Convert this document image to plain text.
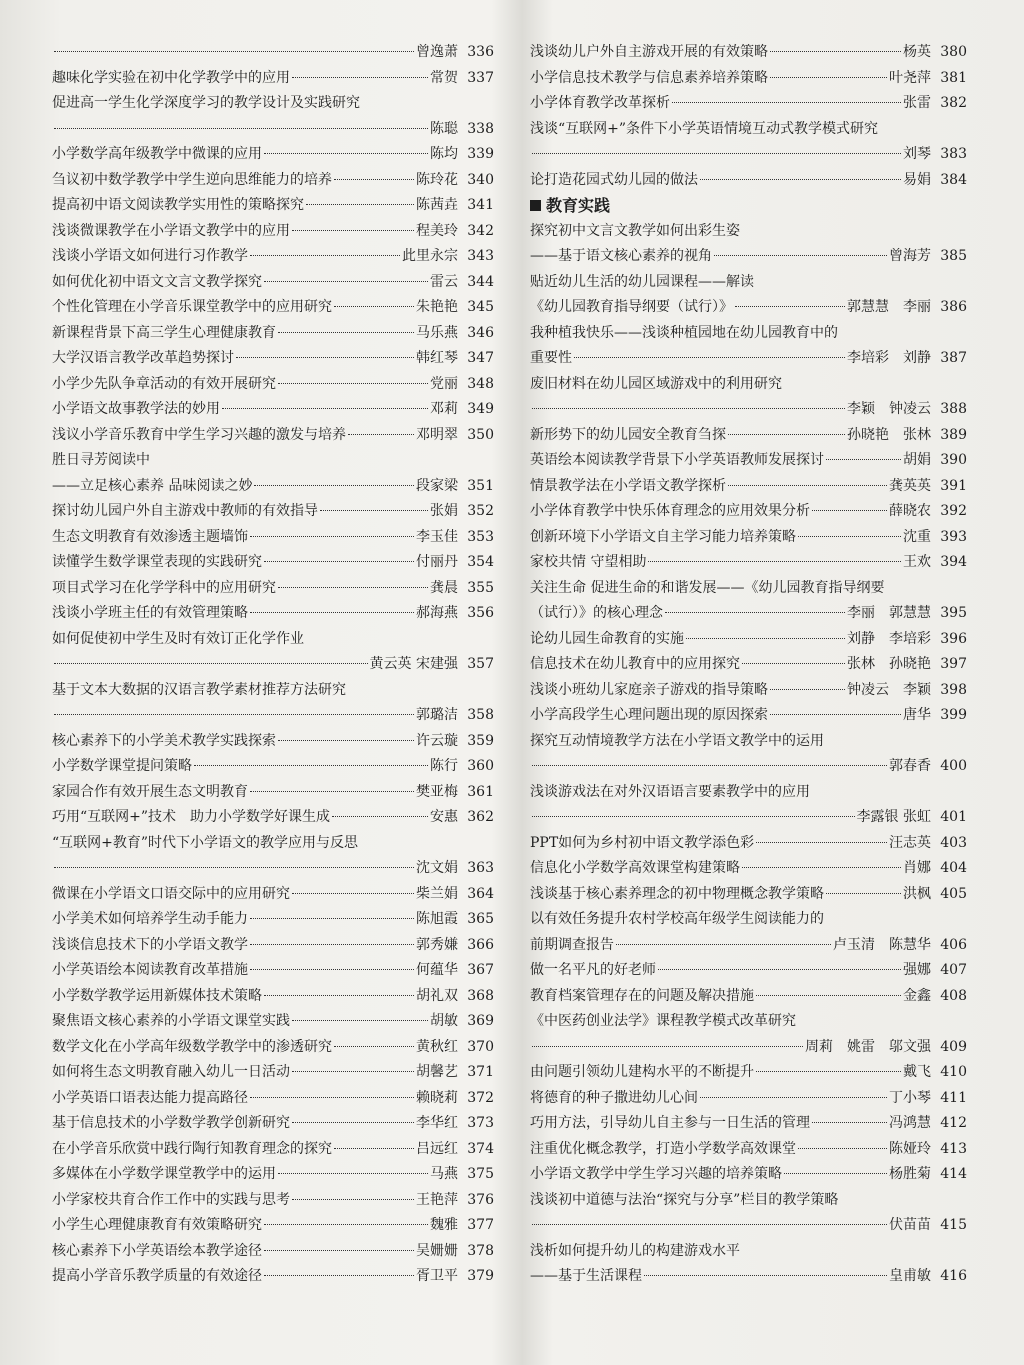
曾逸萧 336
趣味化学实验在初中化学教学中的应用	常贺 337
促进高一学生化学深度学习的教学设计及实践研究
陈聪 338
小学数学高年级教学中微课的应用	陈均 339
刍议初中数学教学中学生逆向思维能力的培养	陈玲花 340
提高初中语文阅读教学实用性的策略探究	陈茜垚 341
浅谈微课教学在小学语文教学中的应用	程美玲 342
浅谈小学语文如何进行习作教学	此里永宗 343
如何优化初中语文文言文教学探究	雷云 344
个性化管理在小学音乐课堂教学中的应用研究	朱艳艳 345
新课程背景下高三学生心理健康教育	马乐燕 346
大学汉语言教学改革趋势探讨	韩红琴 347
小学少先队争章活动的有效开展研究	党丽 348
小学语文故事教学法的妙用	邓莉 349
浅议小学音乐教育中学生学习兴趣的激发与培养	邓明翠 350
胜日寻芳阅读中
——立足核心素养 品味阅读之妙	段家梁 351
探讨幼儿园户外自主游戏中教师的有效指导	张娟 352
生态文明教育有效渗透主题墙饰	李玉佳 353
读懂学生数学课堂表现的实践研究	付丽丹 354
项目式学习在化学学科中的应用研究	龚晨 355
浅谈小学班主任的有效管理策略	郝海燕 356
如何促使初中学生及时有效订正化学作业
黄云英 宋建强 357
基于文本大数据的汉语言教学素材推荐方法研究
郭璐洁 358
核心素养下的小学美术教学实践探索	许云璇 359
小学数学课堂提问策略	陈行 360
家园合作有效开展生态文明教育	樊亚梅 361
巧用“互联网+”技术　助力小学数学好课生成	安惠 362
“互联网+教育”时代下小学语文的教学应用与反思
沈文娟 363
微课在小学语文口语交际中的应用研究	柴兰娟 364
小学美术如何培养学生动手能力	陈旭霞 365
浅谈信息技术下的小学语文教学	郭秀嫌 366
小学英语绘本阅读教育改革措施	何蕴华 367
小学数学教学运用新媒体技术策略	胡礼双 368
聚焦语文核心素养的小学语文课堂实践	胡敏 369
数学文化在小学高年级数学教学中的渗透研究	黄秋红 370
如何将生态文明教育融入幼儿一日活动	胡馨艺 371
小学英语口语表达能力提高路径	赖晓莉 372
基于信息技术的小学数学教学创新研究	李华红 373
在小学音乐欣赏中践行陶行知教育理念的探究	吕远红 374
多媒体在小学数学课堂教学中的运用	马燕 375
小学家校共育合作工作中的实践与思考	王艳萍 376
小学生心理健康教育有效策略研究	魏雅 377
核心素养下小学英语绘本教学途径	吴姗姗 378
提高小学音乐教学质量的有效途径	胥卫平 379
浅谈幼儿户外自主游戏开展的有效策略	杨英 380
小学信息技术教学与信息素养培养策略	叶尧萍 381
小学体育教学改革探析	张雷 382
浅谈“互联网+”条件下小学英语情境互动式教学模式研究
刘琴 383
论打造花园式幼儿园的做法	易娟 384
教育实践
探究初中文言文教学如何出彩生姿
——基于语文核心素养的视角	曾海芳 385
贴近幼儿生活的幼儿园课程——解读
《幼儿园教育指导纲要（试行）》	郭慧慧　李丽 386
我种植我快乐——浅谈种植园地在幼儿园教育中的
重要性	李培彩　刘静 387
废旧材料在幼儿园区域游戏中的利用研究
李颖　钟凌云 388
新形势下的幼儿园安全教育刍探	孙晓艳　张林 389
英语绘本阅读教学背景下小学英语教师发展探讨	胡娟 390
情景教学法在小学语文教学探析	龚英英 391
小学体育教学中快乐体育理念的应用效果分析	薛晓农 392
创新环境下小学语文自主学习能力培养策略	沈重 393
家校共情 守望相助	王欢 394
关注生命 促进生命的和谐发展——《幼儿园教育指导纲要
（试行）》的核心理念	李丽　郭慧慧 395
论幼儿园生命教育的实施	刘静　李培彩 396
信息技术在幼儿教育中的应用探究	张林　孙晓艳 397
浅谈小班幼儿家庭亲子游戏的指导策略	钟凌云　李颖 398
小学高段学生心理问题出现的原因探索	唐华 399
探究互动情境教学方法在小学语文教学中的运用
郭春香 400
浅谈游戏法在对外汉语语言要素教学中的应用
李露银 张虹 401
PPT如何为乡村初中语文教学添色彩	汪志英 403
信息化小学数学高效课堂构建策略	肖娜 404
浅谈基于核心素养理念的初中物理概念教学策略	洪枫 405
以有效任务提升农村学校高年级学生阅读能力的
前期调查报告	卢玉清　陈慧华 406
做一名平凡的好老师	强娜 407
教育档案管理存在的问题及解决措施	金鑫 408
《中医药创业法学》课程教学模式改革研究
周莉　姚雷　邬文强 409
由问题引领幼儿建构水平的不断提升	戴飞 410
将德育的种子撒进幼儿心间	丁小琴 411
巧用方法，引导幼儿自主参与一日生活的管理	冯鸿慧 412
注重优化概念教学，打造小学数学高效课堂	陈娅玲 413
小学语文教学中学生学习兴趣的培养策略	杨胜菊 414
浅谈初中道德与法治“探究与分享”栏目的教学策略
伏苗苗 415
浅析如何提升幼儿的构建游戏水平
——基于生活课程	皇甫敏 416
